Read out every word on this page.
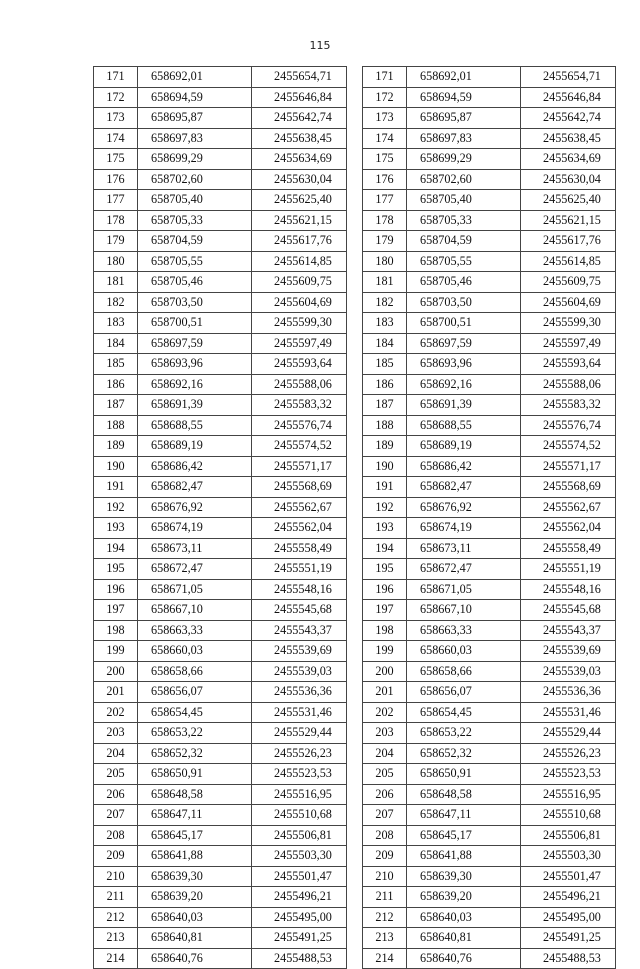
115
171	658692,01	2455654,71
172	658694,59	2455646,84
173	658695,87	2455642,74
174	658697,83	2455638,45
175	658699,29	2455634,69
176	658702,60	2455630,04
177	658705,40	2455625,40
178	658705,33	2455621,15
179	658704,59	2455617,76
180	658705,55	2455614,85
181	658705,46	2455609,75
182	658703,50	2455604,69
183	658700,51	2455599,30
184	658697,59	2455597,49
185	658693,96	2455593,64
186	658692,16	2455588,06
187	658691,39	2455583,32
188	658688,55	2455576,74
189	658689,19	2455574,52
190	658686,42	2455571,17
191	658682,47	2455568,69
192	658676,92	2455562,67
193	658674,19	2455562,04
194	658673,11	2455558,49
195	658672,47	2455551,19
196	658671,05	2455548,16
197	658667,10	2455545,68
198	658663,33	2455543,37
199	658660,03	2455539,69
200	658658,66	2455539,03
201	658656,07	2455536,36
202	658654,45	2455531,46
203	658653,22	2455529,44
204	658652,32	2455526,23
205	658650,91	2455523,53
206	658648,58	2455516,95
207	658647,11	2455510,68
208	658645,17	2455506,81
209	658641,88	2455503,30
210	658639,30	2455501,47
211	658639,20	2455496,21
212	658640,03	2455495,00
213	658640,81	2455491,25
214	658640,76	2455488,53
171	658692,01	2455654,71
172	658694,59	2455646,84
173	658695,87	2455642,74
174	658697,83	2455638,45
175	658699,29	2455634,69
176	658702,60	2455630,04
177	658705,40	2455625,40
178	658705,33	2455621,15
179	658704,59	2455617,76
180	658705,55	2455614,85
181	658705,46	2455609,75
182	658703,50	2455604,69
183	658700,51	2455599,30
184	658697,59	2455597,49
185	658693,96	2455593,64
186	658692,16	2455588,06
187	658691,39	2455583,32
188	658688,55	2455576,74
189	658689,19	2455574,52
190	658686,42	2455571,17
191	658682,47	2455568,69
192	658676,92	2455562,67
193	658674,19	2455562,04
194	658673,11	2455558,49
195	658672,47	2455551,19
196	658671,05	2455548,16
197	658667,10	2455545,68
198	658663,33	2455543,37
199	658660,03	2455539,69
200	658658,66	2455539,03
201	658656,07	2455536,36
202	658654,45	2455531,46
203	658653,22	2455529,44
204	658652,32	2455526,23
205	658650,91	2455523,53
206	658648,58	2455516,95
207	658647,11	2455510,68
208	658645,17	2455506,81
209	658641,88	2455503,30
210	658639,30	2455501,47
211	658639,20	2455496,21
212	658640,03	2455495,00
213	658640,81	2455491,25
214	658640,76	2455488,53
